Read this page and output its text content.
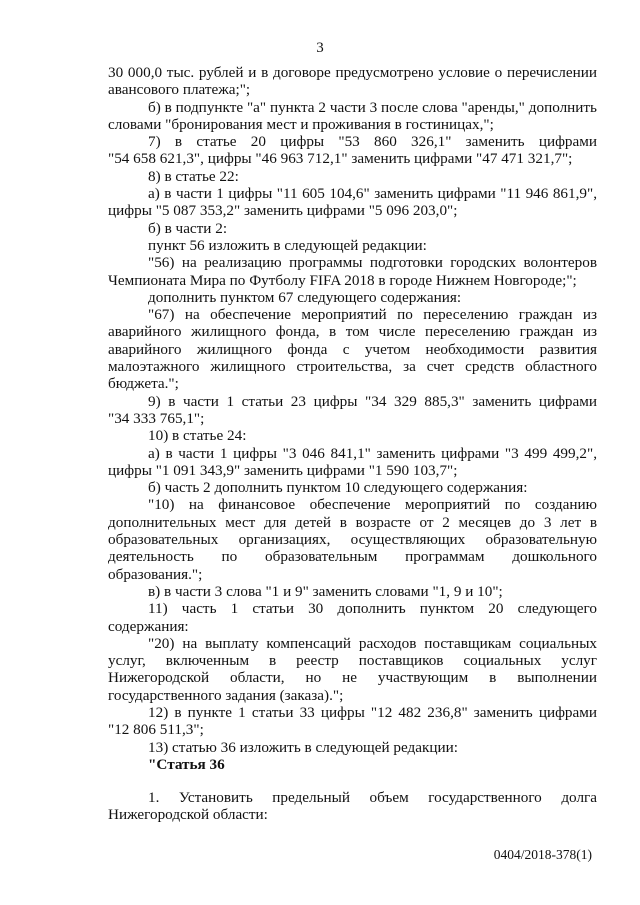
3

30 000,0 тыс. рублей и в договоре предусмотрено условие о перечислении

авансового платежа;";

б) в подпункте "а" пункта 2 части 3 после слова "аренды," дополнить

словами "бронирования мест и проживания в гостиницах,";

7) в статье 20 цифры "53 860 326,1" заменить цифрами

"54 658 621,3", цифры "46 963 712,1" заменить цифрами "47 471 321,7";

8) в статье 22:

а) в части 1 цифры "11 605 104,6" заменить цифрами "11 946 861,9",

цифры "5 087 353,2" заменить цифрами "5 096 203,0";

б) в части 2:

пункт 56 изложить в следующей редакции:

"56) на реализацию программы подготовки городских волонтеров

Чемпионата Мира по Футболу FIFA 2018 в городе Нижнем Новгороде;";

дополнить пунктом 67 следующего содержания:

"67) на обеспечение мероприятий по переселению граждан из

аварийного жилищного фонда, в том числе переселению граждан из

аварийного жилищного фонда с учетом необходимости развития

малоэтажного жилищного строительства, за счет средств областного

бюджета.";

9) в части 1 статьи 23 цифры "34 329 885,3" заменить цифрами

"34 333 765,1";

10) в статье 24:

а) в части 1 цифры "3 046 841,1" заменить цифрами "3 499 499,2",

цифры "1 091 343,9" заменить цифрами "1 590 103,7";

б) часть 2 дополнить пунктом 10 следующего содержания:

"10) на финансовое обеспечение мероприятий по созданию

дополнительных мест для детей в возрасте от 2 месяцев до 3 лет в

образовательных организациях, осуществляющих образовательную

деятельность по образовательным программам дошкольного

образования.";

в) в части 3 слова "1 и 9" заменить словами "1, 9 и 10";

11) часть 1 статьи 30 дополнить пунктом 20 следующего

содержания:

"20) на выплату компенсаций расходов поставщикам социальных

услуг, включенным в реестр поставщиков социальных услуг

Нижегородской области, но не участвующим в выполнении

государственного задания (заказа).";

12) в пункте 1 статьи 33 цифры "12 482 236,8" заменить цифрами

"12 806 511,3";

13) статью 36 изложить в следующей редакции:

"Статья 36

1. Установить предельный объем государственного долга

Нижегородской области:

0404/2018-378(1)
